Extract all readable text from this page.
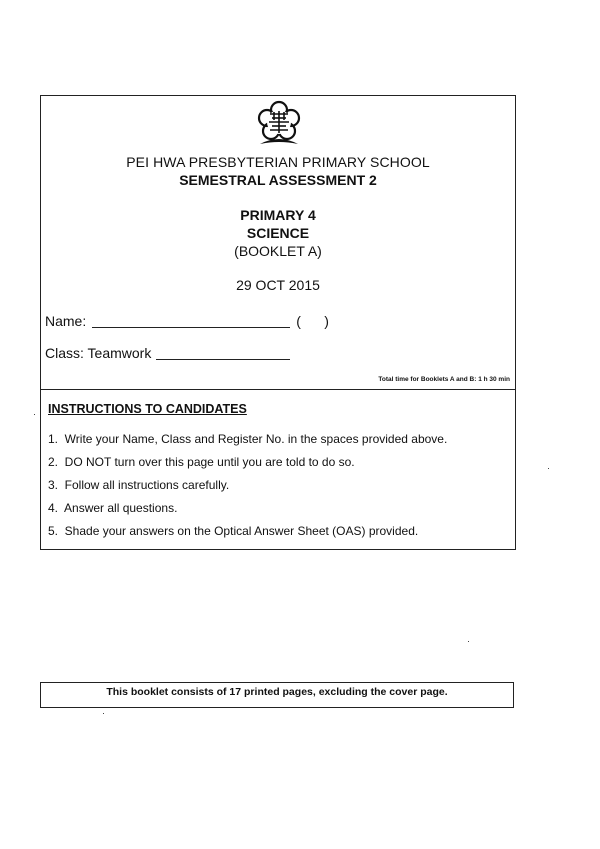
PEI HWA PRESBYTERIAN PRIMARY SCHOOL
SEMESTRAL ASSESSMENT 2
PRIMARY 4
SCIENCE
(BOOKLET A)
29 OCT 2015
Name:	(      )
Class: Teamwork
Total time for Booklets A and B: 1 h 30 min
INSTRUCTIONS TO CANDIDATES
1.  Write your Name, Class and Register No. in the spaces provided above.
2.  DO NOT turn over this page until you are told to do so.
3.  Follow all instructions carefully.
4.  Answer all questions.
5.  Shade your answers on the Optical Answer Sheet (OAS) provided.
This booklet consists of 17 printed pages, excluding the cover page.
